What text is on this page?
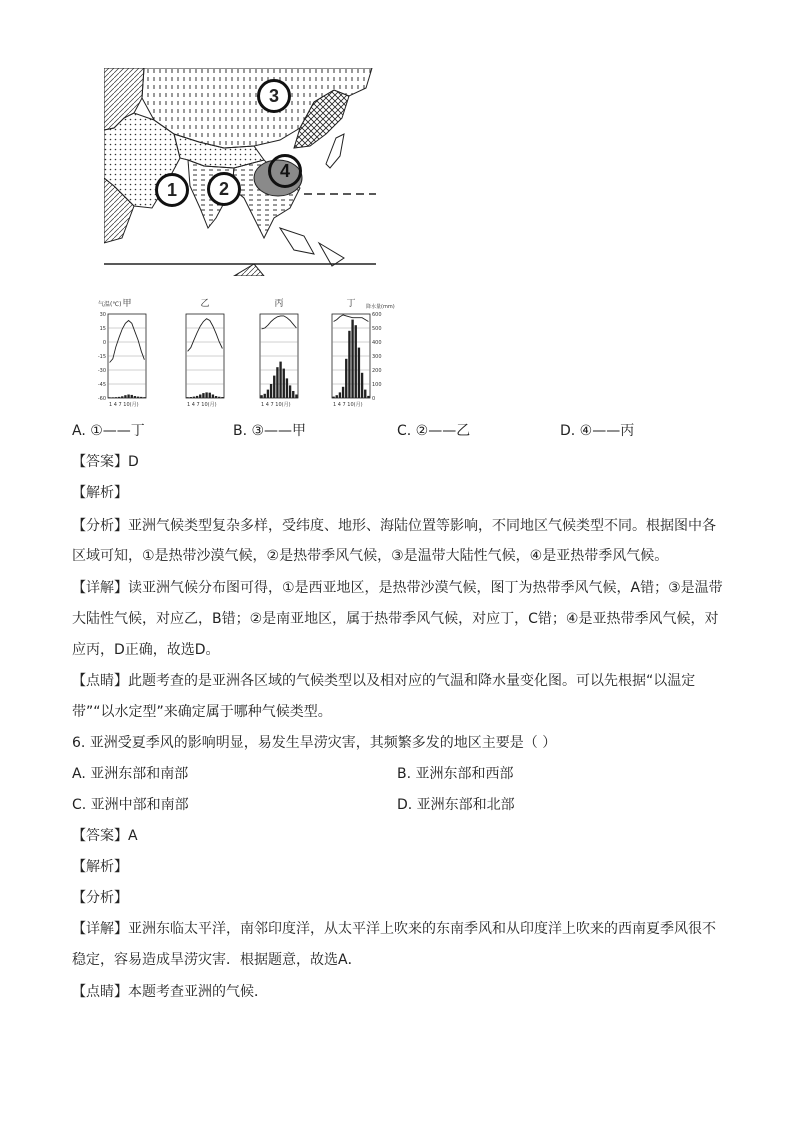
1	2
3
4
气温(℃)	降水量(mm)
甲
1 4 7 10(月)
乙
1 4 7 10(月)
丙
1 4 7 10(月)
丁
1 4 7 10(月)
30
15
0
-15
-30
-45
-60
600
500
400
300
200
100
0
A. ①——丁	B. ③——甲	C. ②——乙	D. ④——丙
【答案】D
【解析】
【分析】亚洲气候类型复杂多样，受纬度、地形、海陆位置等影响，不同地区气候类型不同。根据图中各
区域可知，①是热带沙漠气候，②是热带季风气候，③是温带大陆性气候，④是亚热带季风气候。
【详解】读亚洲气候分布图可得，①是西亚地区，是热带沙漠气候，图丁为热带季风气候，A错；③是温带
大陆性气候，对应乙，B错；②是南亚地区，属于热带季风气候，对应丁，C错；④是亚热带季风气候，对
应丙，D正确，故选D。
【点睛】此题考查的是亚洲各区域的气候类型以及相对应的气温和降水量变化图。可以先根据“以温定
带”“以水定型”来确定属于哪种气候类型。
6. 亚洲受夏季风的影响明显，易发生旱涝灾害，其频繁多发的地区主要是（ ）
A. 亚洲东部和南部	B. 亚洲东部和西部
C. 亚洲中部和南部	D. 亚洲东部和北部
【答案】A
【解析】
【分析】
【详解】亚洲东临太平洋，南邻印度洋，从太平洋上吹来的东南季风和从印度洋上吹来的西南夏季风很不
稳定，容易造成旱涝灾害．根据题意，故选A．
【点睛】本题考查亚洲的气候．
